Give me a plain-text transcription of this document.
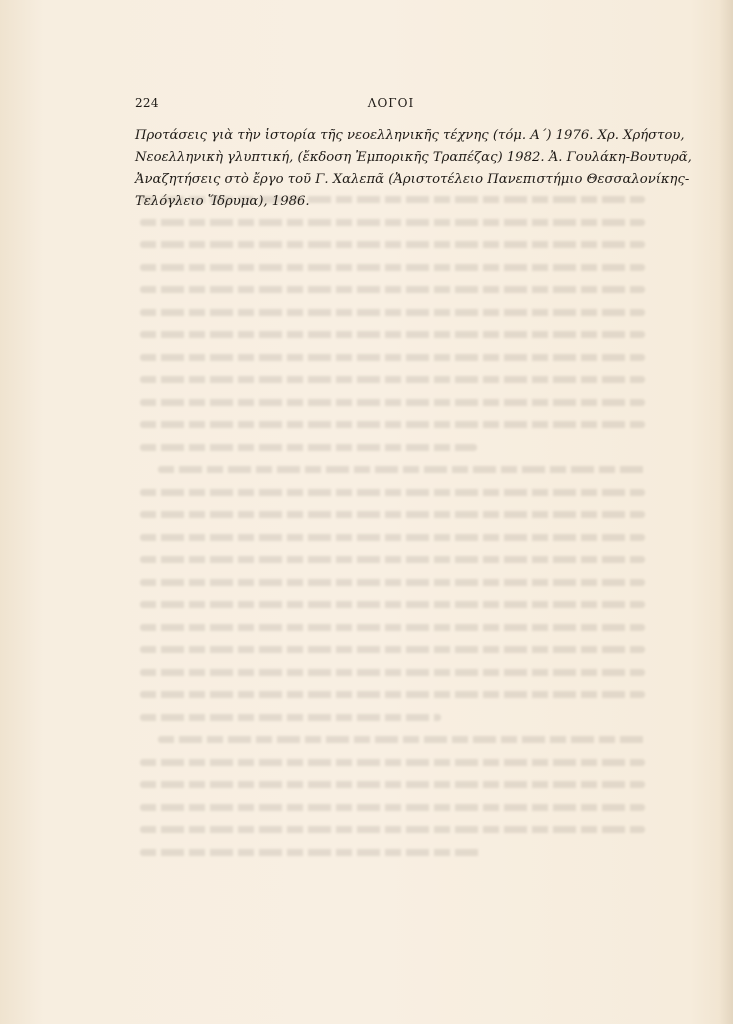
224	ΛΟΓΟΙ
Προτάσεις γιὰ τὴν ἱστορία τῆς νεοελληνικῆς τέχνης (τόμ. Α΄) 1976. Χρ. Χρήστου,
Νεοελληνικὴ γλυπτική, (ἔκδοση Ἐμπορικῆς Τραπέζας) 1982. Ἀ. Γουλάκη-Βουτυρᾶ,
Ἀναζητήσεις στὸ ἔργο τοῦ Γ. Χαλεπᾶ (Ἀριστοτέλειο Πανεπιστήμιο Θεσσαλονίκης-
Τελόγλειο Ἵδρυμα), 1986.
